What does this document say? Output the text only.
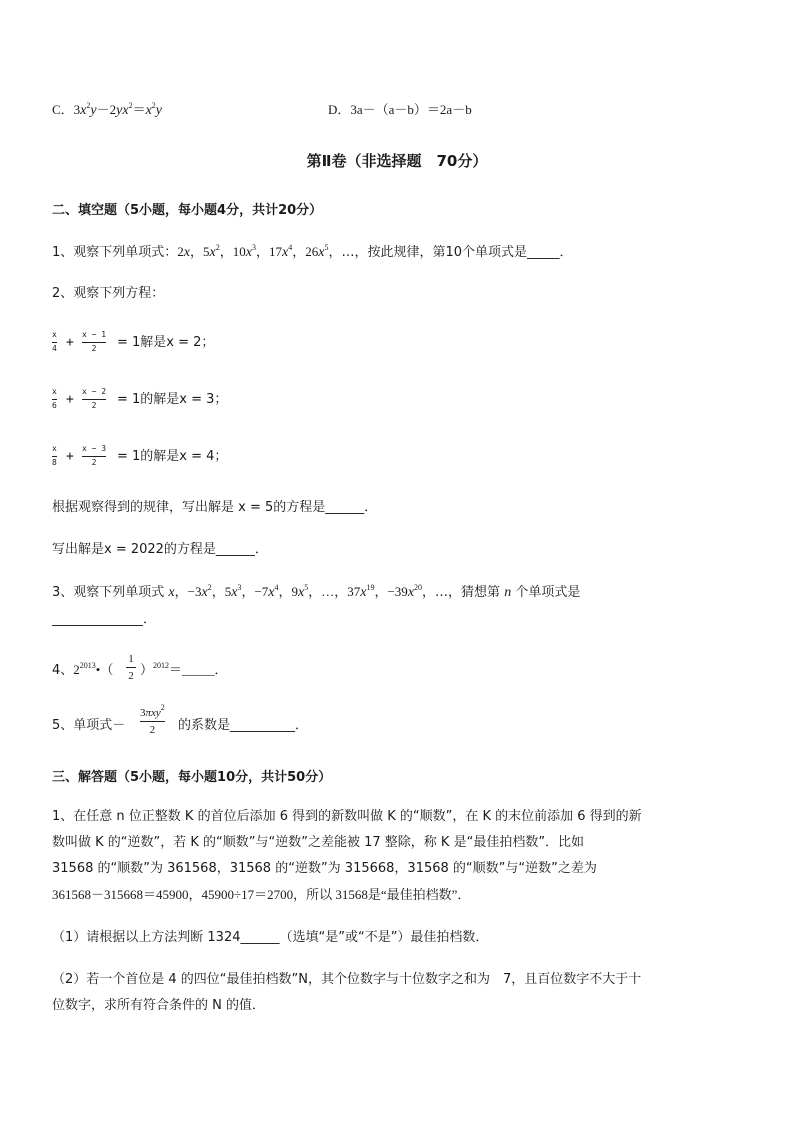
C．$3x^2y-2yx^2=x^2y$	D．3a－（a－b）＝2a－b
第Ⅱ卷（非选择题　70分）
二、填空题（5小题，每小题4分，共计20分）
1、观察下列单项式：2x，$5x^2$，$10x^3$，$17x^4$，$26x^5$，…，按此规律，第10个单项式是_____．
2、观察下列方程：
x
4 +
x − 1
2 = 1解是x = 2；
x
6 +
x − 2
2 = 1的解是x = 3；
x
8 +
x − 3
2 = 1的解是x = 4；
根据观察得到的规律，写出解是 x = 5的方程是______．
写出解是x = 2022的方程是______．
3、观察下列单项式 x，$-3x^2$，$5x^3$，$-7x^4$，$9x^5$，…，$37x^{19}$，$-39x^{20}$，…，猜想第 n 个单项式是
______________．
4、$2^{2013}•$（
1
2 ）$^{2012}$＝_____．
5、单项式－
3πxy$^2$
2 的系数是__________．
三、解答题（5小题，每小题10分，共计50分）
1、在任意 n 位正整数 K 的首位后添加 6 得到的新数叫做 K 的“顺数”，在 K 的末位前添加 6 得到的新
数叫做 K 的“逆数”，若 K 的“顺数”与“逆数”之差能被 17 整除，称 K 是“最佳拍档数”．比如
31568 的“顺数”为 361568，31568 的“逆数”为 315668，31568 的“顺数”与“逆数”之差为
361568－315668＝45900，45900÷17＝2700，所以 31568是“最佳拍档数”．
（1）请根据以上方法判断 1324______（选填“是”或“不是”）最佳拍档数．
（2）若一个首位是 4 的四位“最佳拍档数”N，其个位数字与十位数字之和为　7，且百位数字不大于十
位数字，求所有符合条件的 N 的值．
